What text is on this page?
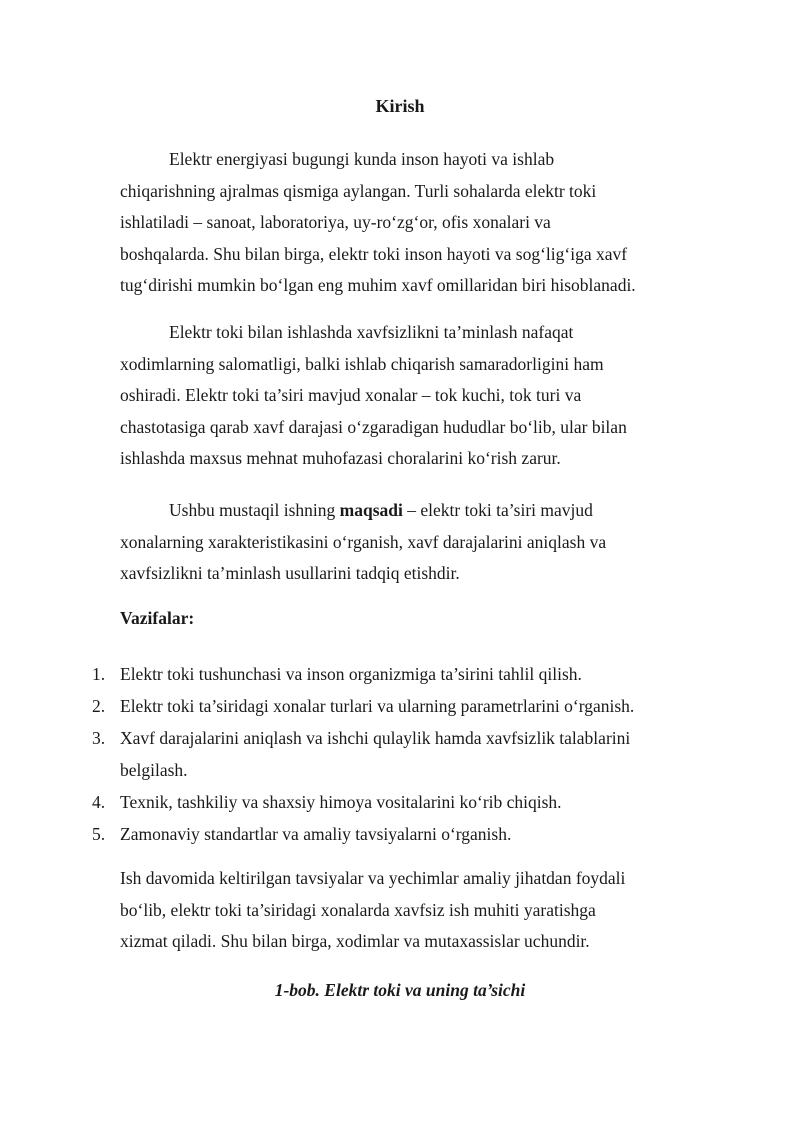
Kirish

Elektr energiyasi bugungi kunda inson hayoti va ishlab
chiqarishning ajralmas qismiga aylangan. Turli sohalarda elektr toki
ishlatiladi – sanoat, laboratoriya, uy-ro‘zg‘or, ofis xonalari va
boshqalarda. Shu bilan birga, elektr toki inson hayoti va sog‘lig‘iga xavf
tug‘dirishi mumkin bo‘lgan eng muhim xavf omillaridan biri hisoblanadi.

Elektr toki bilan ishlashda xavfsizlikni ta’minlash nafaqat
xodimlarning salomatligi, balki ishlab chiqarish samaradorligini ham
oshiradi. Elektr toki ta’siri mavjud xonalar – tok kuchi, tok turi va
chastotasiga qarab xavf darajasi o‘zgaradigan hududlar bo‘lib, ular bilan
ishlashda maxsus mehnat muhofazasi choralarini ko‘rish zarur.

Ushbu mustaqil ishning maqsadi – elektr toki ta’siri mavjud
xonalarning xarakteristikasini o‘rganish, xavf darajalarini aniqlash va
xavfsizlikni ta’minlash usullarini tadqiq etishdir.

Vazifalar:
1. Elektr toki tushunchasi va inson organizmiga ta’sirini tahlil qilish.
2. Elektr toki ta’siridagi xonalar turlari va ularning parametrlarini o‘rganish.
3. Xavf darajalarini aniqlash va ishchi qulaylik hamda xavfsizlik talablarini
belgilash.
4. Texnik, tashkiliy va shaxsiy himoya vositalarini ko‘rib chiqish.
5. Zamonaviy standartlar va amaliy tavsiyalarni o‘rganish.

Ish davomida keltirilgan tavsiyalar va yechimlar amaliy jihatdan foydali
bo‘lib, elektr toki ta’siridagi xonalarda xavfsiz ish muhiti yaratishga
xizmat qiladi. Shu bilan birga, xodimlar va mutaxassislar uchundir.

1-bob. Elektr toki va uning ta’sichi
